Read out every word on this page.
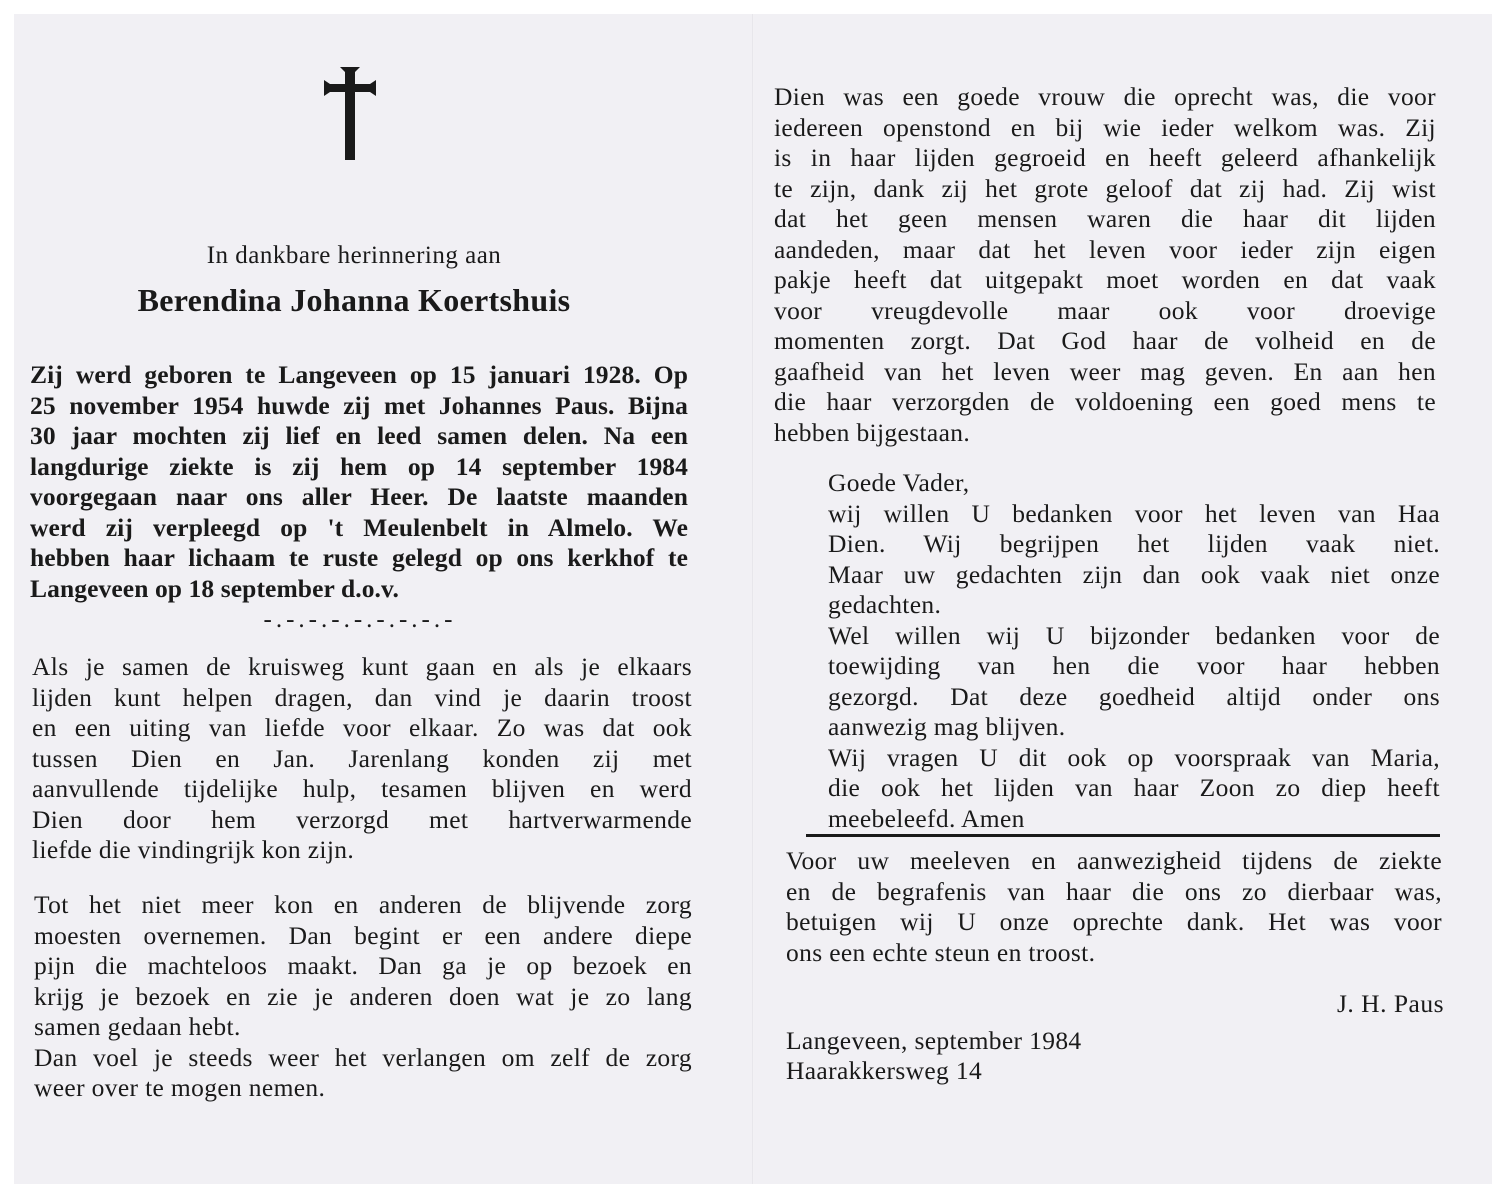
In dankbare herinnering aan
Berendina Johanna Koertshuis
Zij werd geboren te Langeveen op 15 januari 1928. Op
25 november 1954 huwde zij met Johannes Paus. Bijna
30 jaar mochten zij lief en leed samen delen. Na een
langdurige ziekte is zij hem op 14 september 1984
voorgegaan naar ons aller Heer. De laatste maanden
werd zij verpleegd op 't Meulenbelt in Almelo. We
hebben haar lichaam te ruste gelegd op ons kerkhof te
Langeveen op 18 september d.o.v.
-.-.-.-.-.-.-.-.-
Als je samen de kruisweg kunt gaan en als je elkaars
lijden kunt helpen dragen, dan vind je daarin troost
en een uiting van liefde voor elkaar. Zo was dat ook
tussen Dien en Jan. Jarenlang konden zij met
aanvullende tijdelijke hulp, tesamen blijven en werd
Dien door hem verzorgd met hartverwarmende
liefde die vindingrijk kon zijn.
Tot het niet meer kon en anderen de blijvende zorg
moesten overnemen. Dan begint er een andere diepe
pijn die machteloos maakt. Dan ga je op bezoek en
krijg je bezoek en zie je anderen doen wat je zo lang
samen gedaan hebt.
Dan voel je steeds weer het verlangen om zelf de zorg
weer over te mogen nemen.
Dien was een goede vrouw die oprecht was, die voor
iedereen openstond en bij wie ieder welkom was. Zij
is in haar lijden gegroeid en heeft geleerd afhankelijk
te zijn, dank zij het grote geloof dat zij had. Zij wist
dat het geen mensen waren die haar dit lijden
aandeden, maar dat het leven voor ieder zijn eigen
pakje heeft dat uitgepakt moet worden en dat vaak
voor vreugdevolle maar ook voor droevige
momenten zorgt. Dat God haar de volheid en de
gaafheid van het leven weer mag geven. En aan hen
die haar verzorgden de voldoening een goed mens te
hebben bijgestaan.
Goede Vader,
wij willen U bedanken voor het leven van Haa
Dien. Wij begrijpen het lijden vaak niet.
Maar uw gedachten zijn dan ook vaak niet onze
gedachten.
Wel willen wij U bijzonder bedanken voor de
toewijding van hen die voor haar hebben
gezorgd. Dat deze goedheid altijd onder ons
aanwezig mag blijven.
Wij vragen U dit ook op voorspraak van Maria,
die ook het lijden van haar Zoon zo diep heeft
meebeleefd. Amen
Voor uw meeleven en aanwezigheid tijdens de ziekte
en de begrafenis van haar die ons zo dierbaar was,
betuigen wij U onze oprechte dank. Het was voor
ons een echte steun en troost.
J. H. Paus
Langeveen, september 1984
Haarakkersweg 14
